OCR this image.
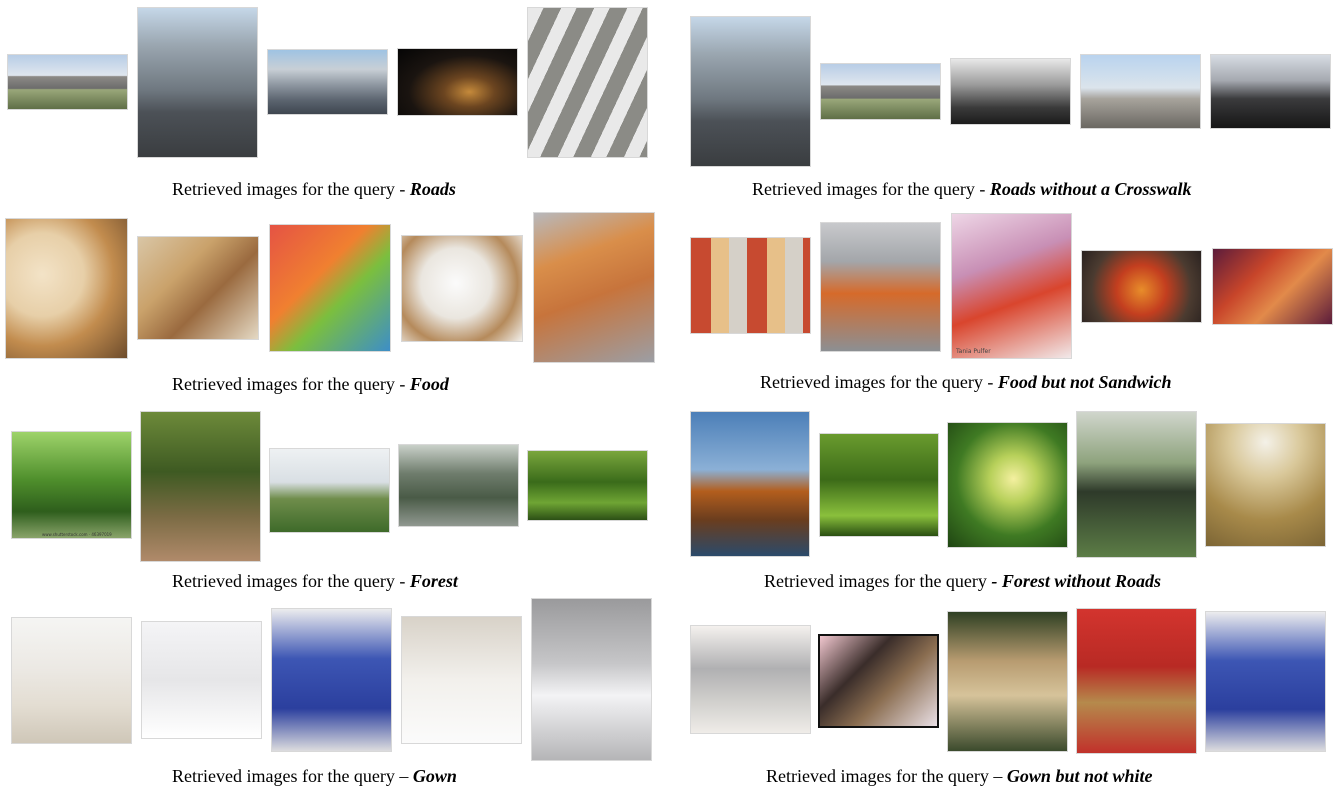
Retrieved images for the query - Roads	Retrieved images for the query - Roads without a Crosswalk
Retrieved images for the query - Food
Tania Pulfer
Retrieved images for the query - Food but not Sandwich
www.shutterstock.com · 46397019
Retrieved images for the query - Forest	Retrieved images for the query - Forest without Roads
Retrieved images for the query – Gown	Retrieved images for the query – Gown but not white
